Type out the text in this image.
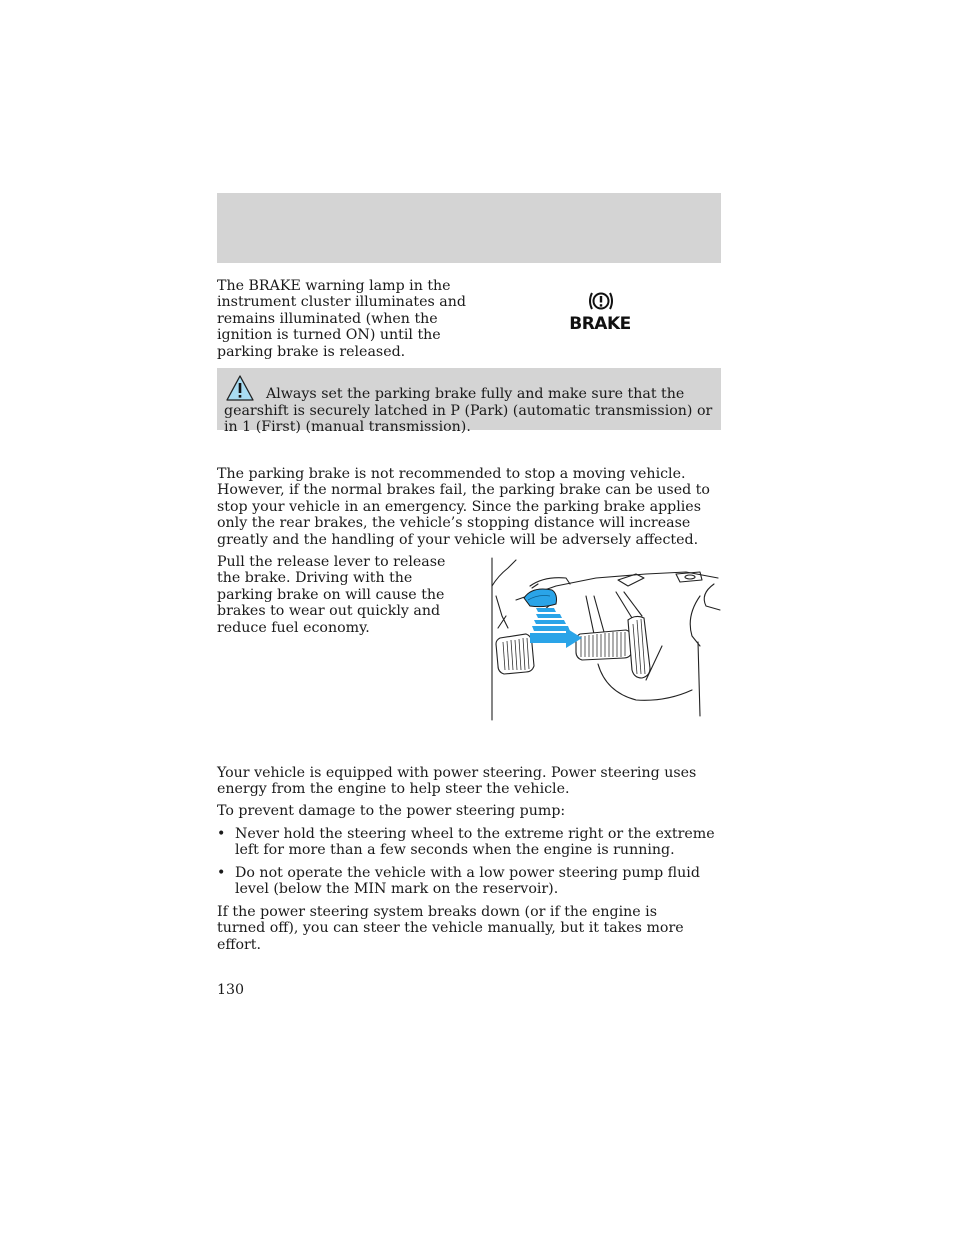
The BRAKE warning lamp in the instrument cluster illuminates and remains illuminated (when the ignition is turned ON) until the parking brake is released.

BRAKE

Always set the parking brake fully and make sure that the gearshift is securely latched in P (Park) (automatic transmission) or in 1 (First) (manual transmission).

The parking brake is not recommended to stop a moving vehicle. However, if the normal brakes fail, the parking brake can be used to stop your vehicle in an emergency. Since the parking brake applies only the rear brakes, the vehicle’s stopping distance will increase greatly and the handling of your vehicle will be adversely affected.

Pull the release lever to release the brake. Driving with the parking brake on will cause the brakes to wear out quickly and reduce fuel economy.

Your vehicle is equipped with power steering. Power steering uses energy from the engine to help steer the vehicle.

To prevent damage to the power steering pump:

• Never hold the steering wheel to the extreme right or the extreme left for more than a few seconds when the engine is running.
• Do not operate the vehicle with a low power steering pump fluid level (below the MIN mark on the reservoir).

If the power steering system breaks down (or if the engine is turned off), you can steer the vehicle manually, but it takes more effort.

130
